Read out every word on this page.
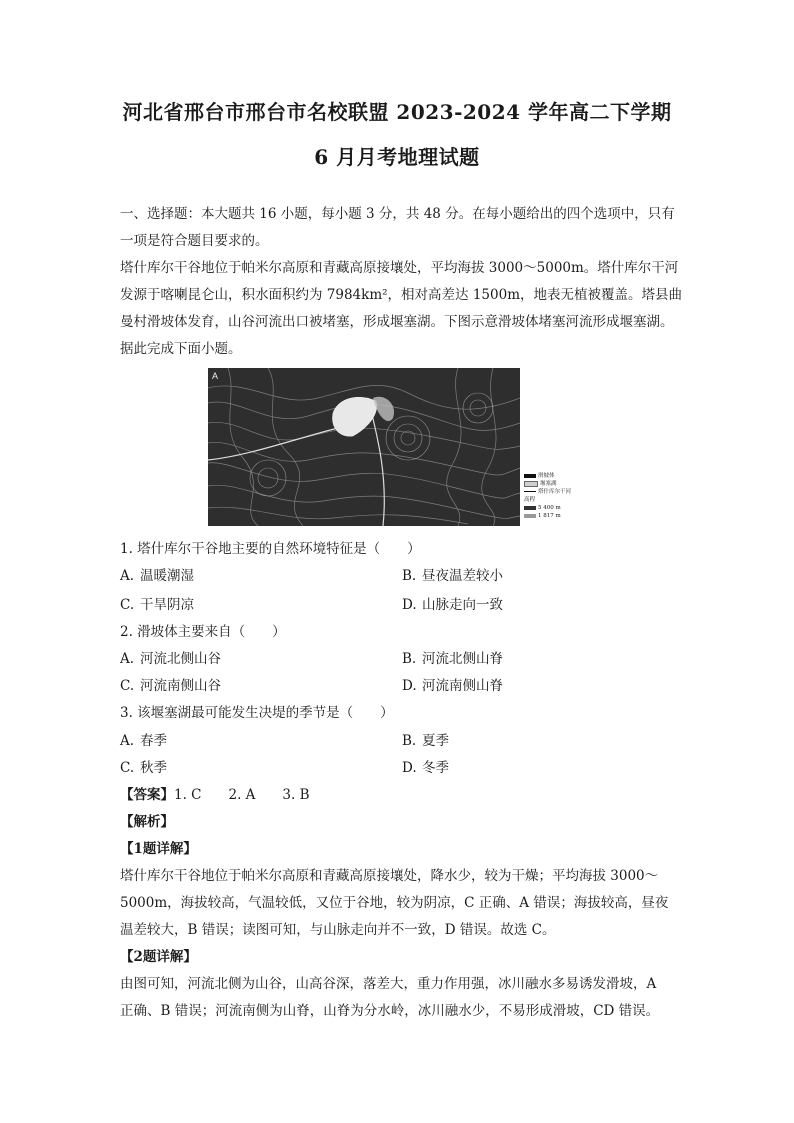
河北省邢台市邢台市名校联盟 2023-2024 学年高二下学期
6 月月考地理试题
一、选择题：本大题共 16 小题，每小题 3 分，共 48 分。在每小题给出的四个选项中，只有
一项是符合题目要求的。
塔什库尔干谷地位于帕米尔高原和青藏高原接壤处，平均海拔 3000～5000m。塔什库尔干河
发源于喀喇昆仑山，积水面积约为 7984km²，相对高差达 1500m，地表无植被覆盖。塔县曲
曼村滑坡体发育，山谷河流出口被堵塞，形成堰塞湖。下图示意滑坡体堵塞河流形成堰塞湖。
据此完成下面小题。
A
滑坡体
堰塞湖
塔什库尔干河
高程
5 400 m
1 817 m
1. 塔什库尔干谷地主要的自然环境特征是（　　）
A. 温暖潮湿	B. 昼夜温差较小
C. 干旱阴凉	D. 山脉走向一致
2. 滑坡体主要来自（　　）
A. 河流北侧山谷	B. 河流北侧山脊
C. 河流南侧山谷	D. 河流南侧山脊
3. 该堰塞湖最可能发生决堤的季节是（　　）
A. 春季	B. 夏季
C. 秋季	D. 冬季
【答案】1. C　　2. A　　3. B
【解析】
【1题详解】
塔什库尔干谷地位于帕米尔高原和青藏高原接壤处，降水少，较为干燥；平均海拔 3000～
5000m，海拔较高，气温较低，又位于谷地，较为阴凉，C 正确、A 错误；海拔较高，昼夜
温差较大，B 错误；读图可知，与山脉走向并不一致，D 错误。故选 C。
【2题详解】
由图可知，河流北侧为山谷，山高谷深，落差大，重力作用强，冰川融水多易诱发滑坡，A
正确、B 错误；河流南侧为山脊，山脊为分水岭，冰川融水少，不易形成滑坡，CD 错误。
